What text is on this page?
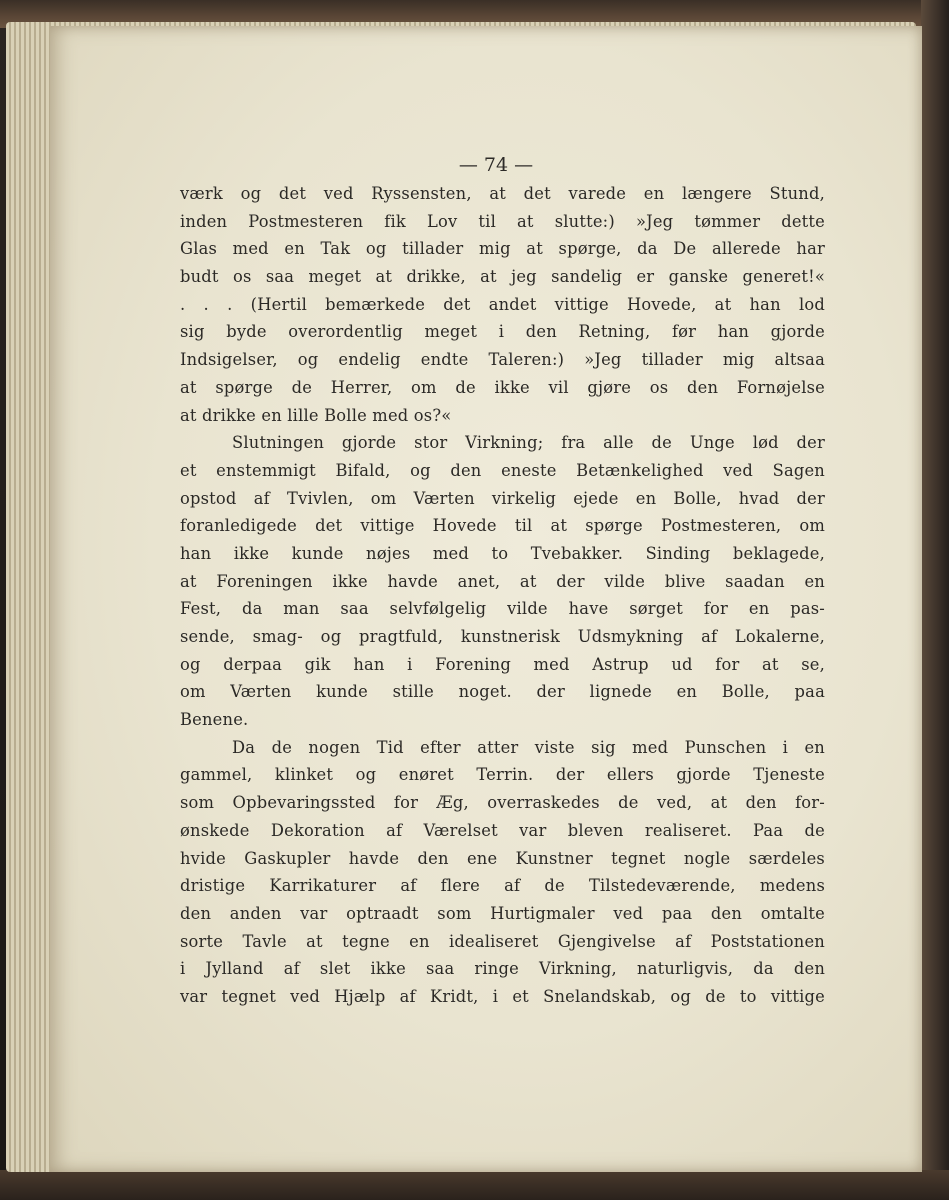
— 74 —
værk og det ved Ryssensten, at det varede en længere Stund,
inden Postmesteren fik Lov til at slutte:) »Jeg tømmer dette
Glas med en Tak og tillader mig at spørge, da De allerede har
budt os saa meget at drikke, at jeg sandelig er ganske generet!«
. . . (Hertil bemærkede det andet vittige Hovede, at han lod
sig byde overordentlig meget i den Retning, før han gjorde
Indsigelser, og endelig endte Taleren:) »Jeg tillader mig altsaa
at spørge de Herrer, om de ikke vil gjøre os den Fornøjelse
at drikke en lille Bolle med os?«
Slutningen gjorde stor Virkning; fra alle de Unge lød der
et enstemmigt Bifald, og den eneste Betænkelighed ved Sagen
opstod af Tvivlen, om Værten virkelig ejede en Bolle, hvad der
foranledigede det vittige Hovede til at spørge Postmesteren, om
han ikke kunde nøjes med to Tvebakker. Sinding beklagede,
at Foreningen ikke havde anet, at der vilde blive saadan en
Fest, da man saa selvfølgelig vilde have sørget for en pas-
sende, smag- og pragtfuld, kunstnerisk Udsmykning af Lokalerne,
og derpaa gik han i Forening med Astrup ud for at se,
om Værten kunde stille noget. der lignede en Bolle, paa
Benene.
Da de nogen Tid efter atter viste sig med Punschen i en
gammel, klinket og enøret Terrin. der ellers gjorde Tjeneste
som Opbevaringssted for Æg, overraskedes de ved, at den for-
ønskede Dekoration af Værelset var bleven realiseret. Paa de
hvide Gaskupler havde den ene Kunstner tegnet nogle særdeles
dristige Karrikaturer af flere af de Tilstedeværende, medens
den anden var optraadt som Hurtigmaler ved paa den omtalte
sorte Tavle at tegne en idealiseret Gjengivelse af Poststationen
i Jylland af slet ikke saa ringe Virkning, naturligvis, da den
var tegnet ved Hjælp af Kridt, i et Snelandskab, og de to vittige
